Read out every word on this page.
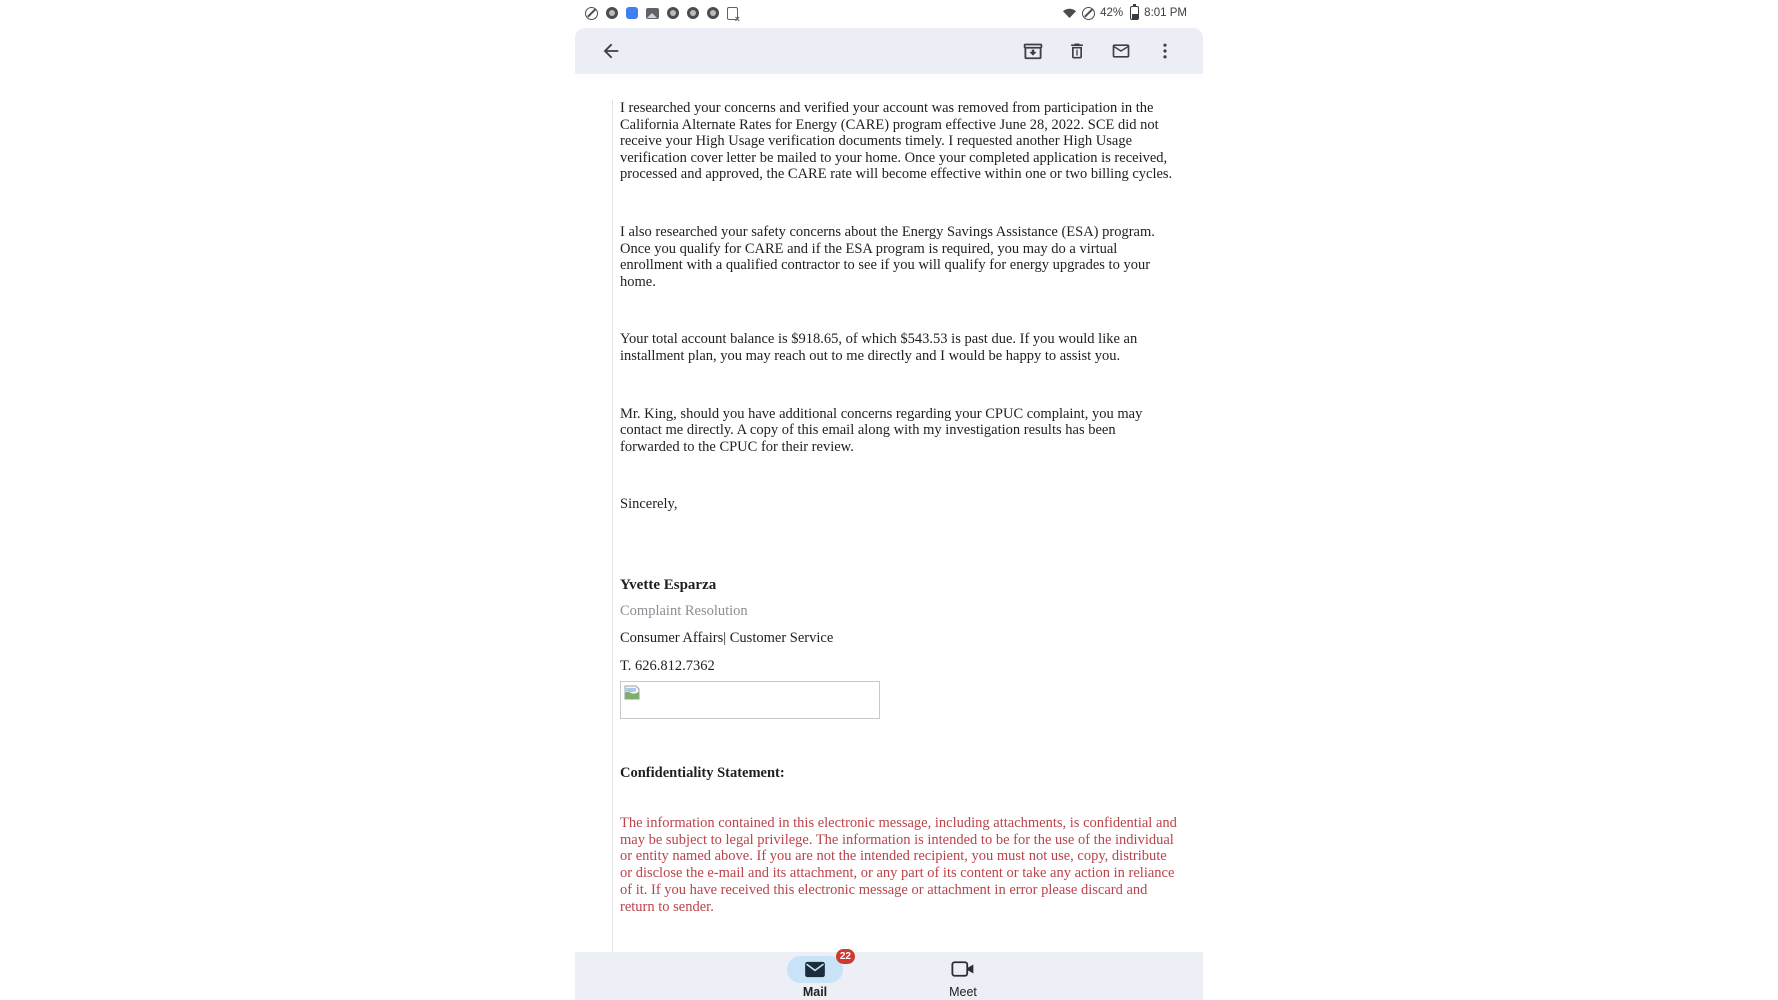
×
42% 8:01 PM

I researched your concerns and verified your account was removed from participation in the California Alternate Rates for Energy (CARE) program effective June 28, 2022. SCE did not receive your High Usage verification documents timely. I requested another High Usage verification cover letter be mailed to your home. Once your completed application is received, processed and approved, the CARE rate will become effective within one or two billing cycles.

I also researched your safety concerns about the Energy Savings Assistance (ESA) program. Once you qualify for CARE and if the ESA program is required, you may do a virtual enrollment with a qualified contractor to see if you will qualify for energy upgrades to your home.

Your total account balance is $918.65, of which $543.53 is past due. If you would like an installment plan, you may reach out to me directly and I would be happy to assist you.

Mr. King, should you have additional concerns regarding your CPUC complaint, you may contact me directly. A copy of this email along with my investigation results has been forwarded to the CPUC for their review.

Sincerely,

Yvette Esparza

Complaint Resolution

Consumer Affairs| Customer Service

T. 626.812.7362

Confidentiality Statement:

The information contained in this electronic message, including attachments, is confidential and may be subject to legal privilege. The information is intended to be for the use of the individual or entity named above. If you are not the intended recipient, you must not use, copy, distribute or disclose the e-mail and its attachment, or any part of its content or take any action in reliance of it. If you have received this electronic message or attachment in error please discard and return to sender.

22
Mail	Meet
